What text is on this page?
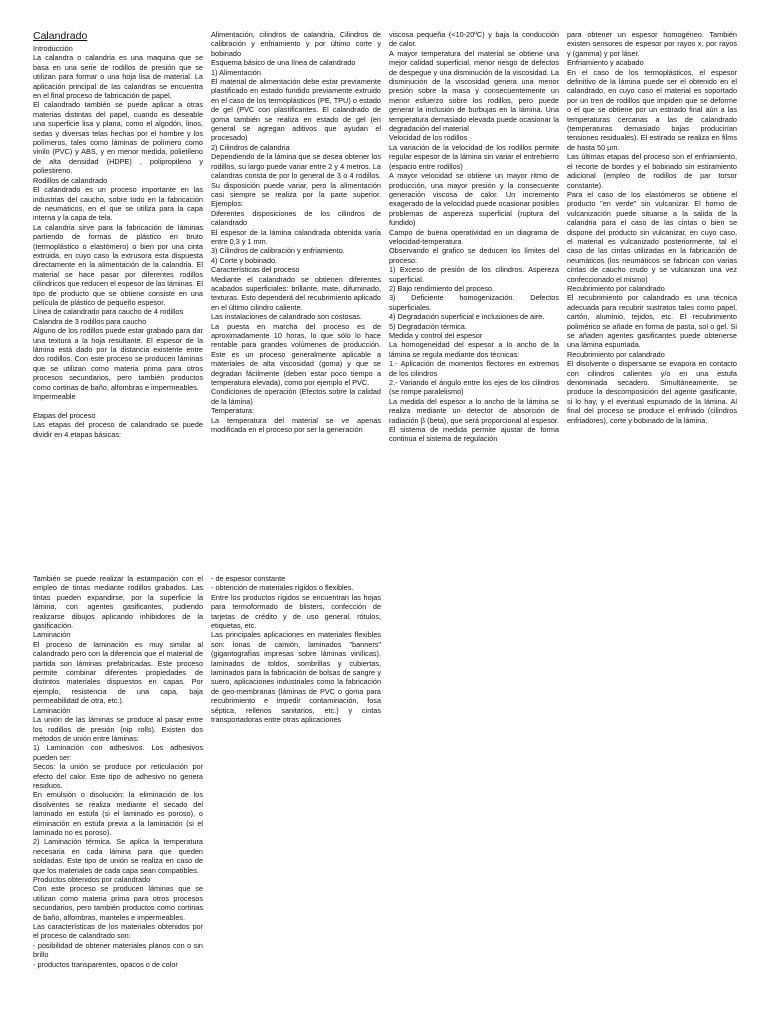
Calandrado
Introducción
La calandra o calandria es una maquina que se basa en una serie de rodillos de presión que se utilizan para formar o una hoja lisa de material. La aplicación principal de las calandras se encuentra en el final proceso de fabricación de papel.
El calandrado también se puede aplicar a otras materias distintas del papel, cuando es deseable una superficie lisa y plana, como el algodón, linos, sedas y diversas telas hechas por el hombre y los polímeros, tales como láminas de polímero como vinilo (PVC) y ABS, y en menor medida, polietileno de alta densidad (HDPE) , polipropileno y poliestireno.
Rodillos de calandrado
El calandrado es un proceso importante en las industrias del caucho, sobre todo en la fabricación de neumáticos, en el que se utiliza para la capa interna y la capa de tela.
La calandria sirve para la fabricación de láminas partiendo de formas de plástico en bruto (termoplástico o elastómero) o bien por una cinta extruida, en cuyo caso la extrusora esta dispuesta directamente en la alimentación de la calandria. El material se hace pasar por diferentes rodillos cilíndricos que reducen el espesor de las láminas. El tipo de producto que se obtiene consiste en una película de plástico de pequeño espesor.
Línea de calandrado para caucho de 4 rodillos
Calandra de 3 rodillos para caucho
Alguno de los rodillos puede estar grabado para dar una textura a la hoja resultante. El espesor de la lámina está dado por la distancia existente entre dos rodillos. Con este proceso se producen láminas que se utilizan como materia prima para otros procesos secundarios, pero también productos como cortinas de baño, alfombras e impermeables.
Impermeable
Etapas del proceso
Las etapas del proceso de calandrado se puede dividir en 4 etapas básicas:
Alimentación, cilindros de calandria, Cilindros de calibración y enfriamiento y por último corte y bobinado
Esquema básico de una línea de calandrado
1) Alimentación
El material de alimentación debe estar previamente plastificado en estado fundido previamente extruido en el caso de los termoplásticos (PE, TPU) o estado de gel (PVC con plastificantes. El calandrado de goma también se realiza en estado de gel (en general se agregan aditivos que ayudan el procesado)
2) Cilindros de calandria
Dependiendo de la lámina que se desea obtener los rodillos, su largo puede variar entre 2 y 4 metros. La calandras consta de por lo general de 3 o 4 rodillos. Su disposición puede variar, pero la alimentación casi siempre se realiza por la parte superior. Ejemplos:
Diferentes disposiciones de los cilindros de calandrado
El espesor de la lámina calandrada obtenida varía entre 0,3 y 1 mm.
3) Cilindros de calibración y enfriamiento.
4) Corte y bobinado.
Características del proceso
Mediante el calandrado se obtienen diferentes acabados superficiales: brillante, mate, difuminado, texturas. Esto dependerá del recubrimiento aplicado en el último cilindro caliente.
Las instalaciones de calandrado son costosas.
La puesta en marcha del proceso es de aproximadamente 10 horas, lo que sólo lo hace rentable para grandes volúmenes de producción. Este es un proceso generalmente aplicable a materiales de alta viscosidad (goma) y que se degradan fácilmente (deben estar poco tiempo a temperatura elevada), como por ejemplo el PVC.
Condiciones de operación (Efectos sobre la calidad de la lámina)
Temperatura:
La temperatura del material se ve apenas modificada en el proceso por ser la generación
viscosa pequeña (<10-20ºC) y baja la conducción de calor.
A mayor temperatura del material se obtiene una mejor calidad superficial, menor riesgo de defectos de despegue y una disminución de la viscosidad. La disminución de la viscosidad genera una menor presión sobre la masa y consecuentemente un menor esfuerzo sobre los rodillos, pero puede generar la inclusión de burbujas en la lámina. Una temperatura demasiado elevada puede ocasionar la degradación del material
Velocidad de los rodillos
La variación de la velocidad de los rodillos permite regular espesor de la lámina sin variar el entrehierro (espacio entre rodillos)
A mayor velocidad se obtiene un mayor ritmo de producción, una mayor presión y la consecuente generación viscosa de calor. Un incremento exagerado de la velocidad puede ocasionar posibles problemas de aspereza superficial (ruptura del fundido)
Campo de buena operatividad en un diagrama de velocidad-temperatura
Observando el grafico se deducen los límites del proceso:
1) Exceso de presión de los cilindros. Aspereza superficial.
2) Bajo rendimiento del proceso.
3) Deficiente homogenización. Defectos superficiales.
4) Degradación superficial e inclusiones de aire.
5) Degradación térmica.
Medida y control del espesor
La homogeneidad del espesor a lo ancho de la lámina se regula mediante dos técnicas:
1.- Aplicación de momentos flectores en extremos de los cilindros
2.- Variando el ángulo entre los ejes de los cilindros (se rompe paralelismo)
La medida del espesor a lo ancho de la lámina se realiza mediante un detector de absorción de radiación β (beta), que será proporcional al espesor. El sistema de medida permite ajustar de forma continua el sistema de regulación
para obtener un espesor homogéneo. También existen sensores de espesor por rayos x, por rayos γ (gamma) y por láser.
Enfriamiento y acabado
En el caso de los termoplásticos, el espesor definitivo de la lámina puede ser el obtenido en el calandrado, en cuyo caso el material es soportado por un tren de rodillos que impiden que se deforme o el que se obtiene por un estirado final aún a las temperaturas cercanas a las de calandrado (temperaturas demasiado bajas producirían tensiones residuales). El estirado se realiza en films de hasta 50 µm.
Las últimas etapas del proceso son el enfriamiento, el recorte de bordes y el bobinado sin estiramiento adicional (empleo de rodillos de par torsor constante).
Para el caso de los elastómeros se obtiene el producto "en verde" sin vulcanizar. El horno de vulcanización puede situarse a la salida de la calandria para el caso de las cintas o bien se dispone del producto sin vulcanizar, en cuyo caso, el material es vulcanizado posteriormente, tal el caso de las cintas utilizadas en la fabricación de neumáticos (los neumáticos se fabrican con varias cintas de caucho crudo y se vulcanizan una vez confeccionado el mismo)
Recubrimiento por calandrado
El recubrimiento por calandrado es una técnica adecuada para recubrir sustratos tales como papel, cartón, aluminio, tejidos, etc. El recubrimiento polimérico se añade en forma de pasta, sol o gel. Si se añaden agentes gasificantes puede obtenerse una lámina espumada.
Recubrimiento por calandrado
El disolvente o dispersante se evapora en contacto con cilindros calientes y/o en una estufa denominada secadero. Simultáneamente, se produce la descomposición del agente gasificante, si lo hay, y el eventual espumado de la lámina. Al final del proceso se produce el enfriado (cilindros enfriadores), corte y bobinado de la lámina.
También se puede realizar la estampación con el empleo de tintas mediante rodillos grabados. Las tintas pueden expandirse, por la superficie la lámina, con agentes gasificantes, pudiendo realizarse dibujos aplicando inhibidores de la gasificación.
Laminación
El proceso de laminación es muy similar al calandrado pero con la diferencia que el material de partida son láminas prefabricadas. Este proceso permite combinar diferentes propiedades de distintos materiales dispuestos en capas. Por ejemplo, resistencia de una capa, baja permeabilidad de otra, etc.).
Laminación
La unión de las láminas se produce al pasar entre los rodillos de presión (nip rolls). Existen dos métodos de unión entre láminas:
1) Laminación con adhesivos. Los adhesivos pueden ser:
Secos: la unión se produce por reticulación por efecto del calor. Este tipo de adhesivo no genera residuos.
En emulsión o disolución: la eliminación de los disolventes se realiza mediante el secado del laminado en estufa (si el laminado es poroso), o eliminación en estufa previa a la laminación (si el laminado no es poroso).
2) Laminación térmica. Se aplica la temperatura necesaria en cada lámina para que queden soldadas. Este tipo de unión se realiza en caso de que los materiales de cada capa sean compatibles.
Productos obtenidos por calandrado
Con este proceso se producen láminas que se utilizan como materia prima para otros procesos secundarios, pero también productos como cortinas de baño, alfombras, manteles e impermeables.
Las características de los materiales obtenidos por el proceso de calandrado son:
- posibilidad de obtener materiales planos con o sin brillo
- productos transparentes, opacos o de color
- de espesor constante
- obtención de materiales rígidos o flexibles.
Entre los productos rígidos se encuentran las hojas para termoformado de blisters, confección de tarjetas de crédito y de uso general, rótulos, etiquetas, etc.
Las principales aplicaciones en materiales flexibles son: lonas de camión, laminados "banners" (gigantografías impresas sobre láminas vinílicas), laminados de toldos, sombrillas y cubiertas, laminados para la fabricación de bolsas de sangre y suero, aplicaciones industriales como la fabricación de geo-membranas (láminas de PVC o goma para recubrimiento e impedir contaminación, fosa séptica, rellenos sanitarios, etc.) y cintas transportadoras entre otras aplicaciones
